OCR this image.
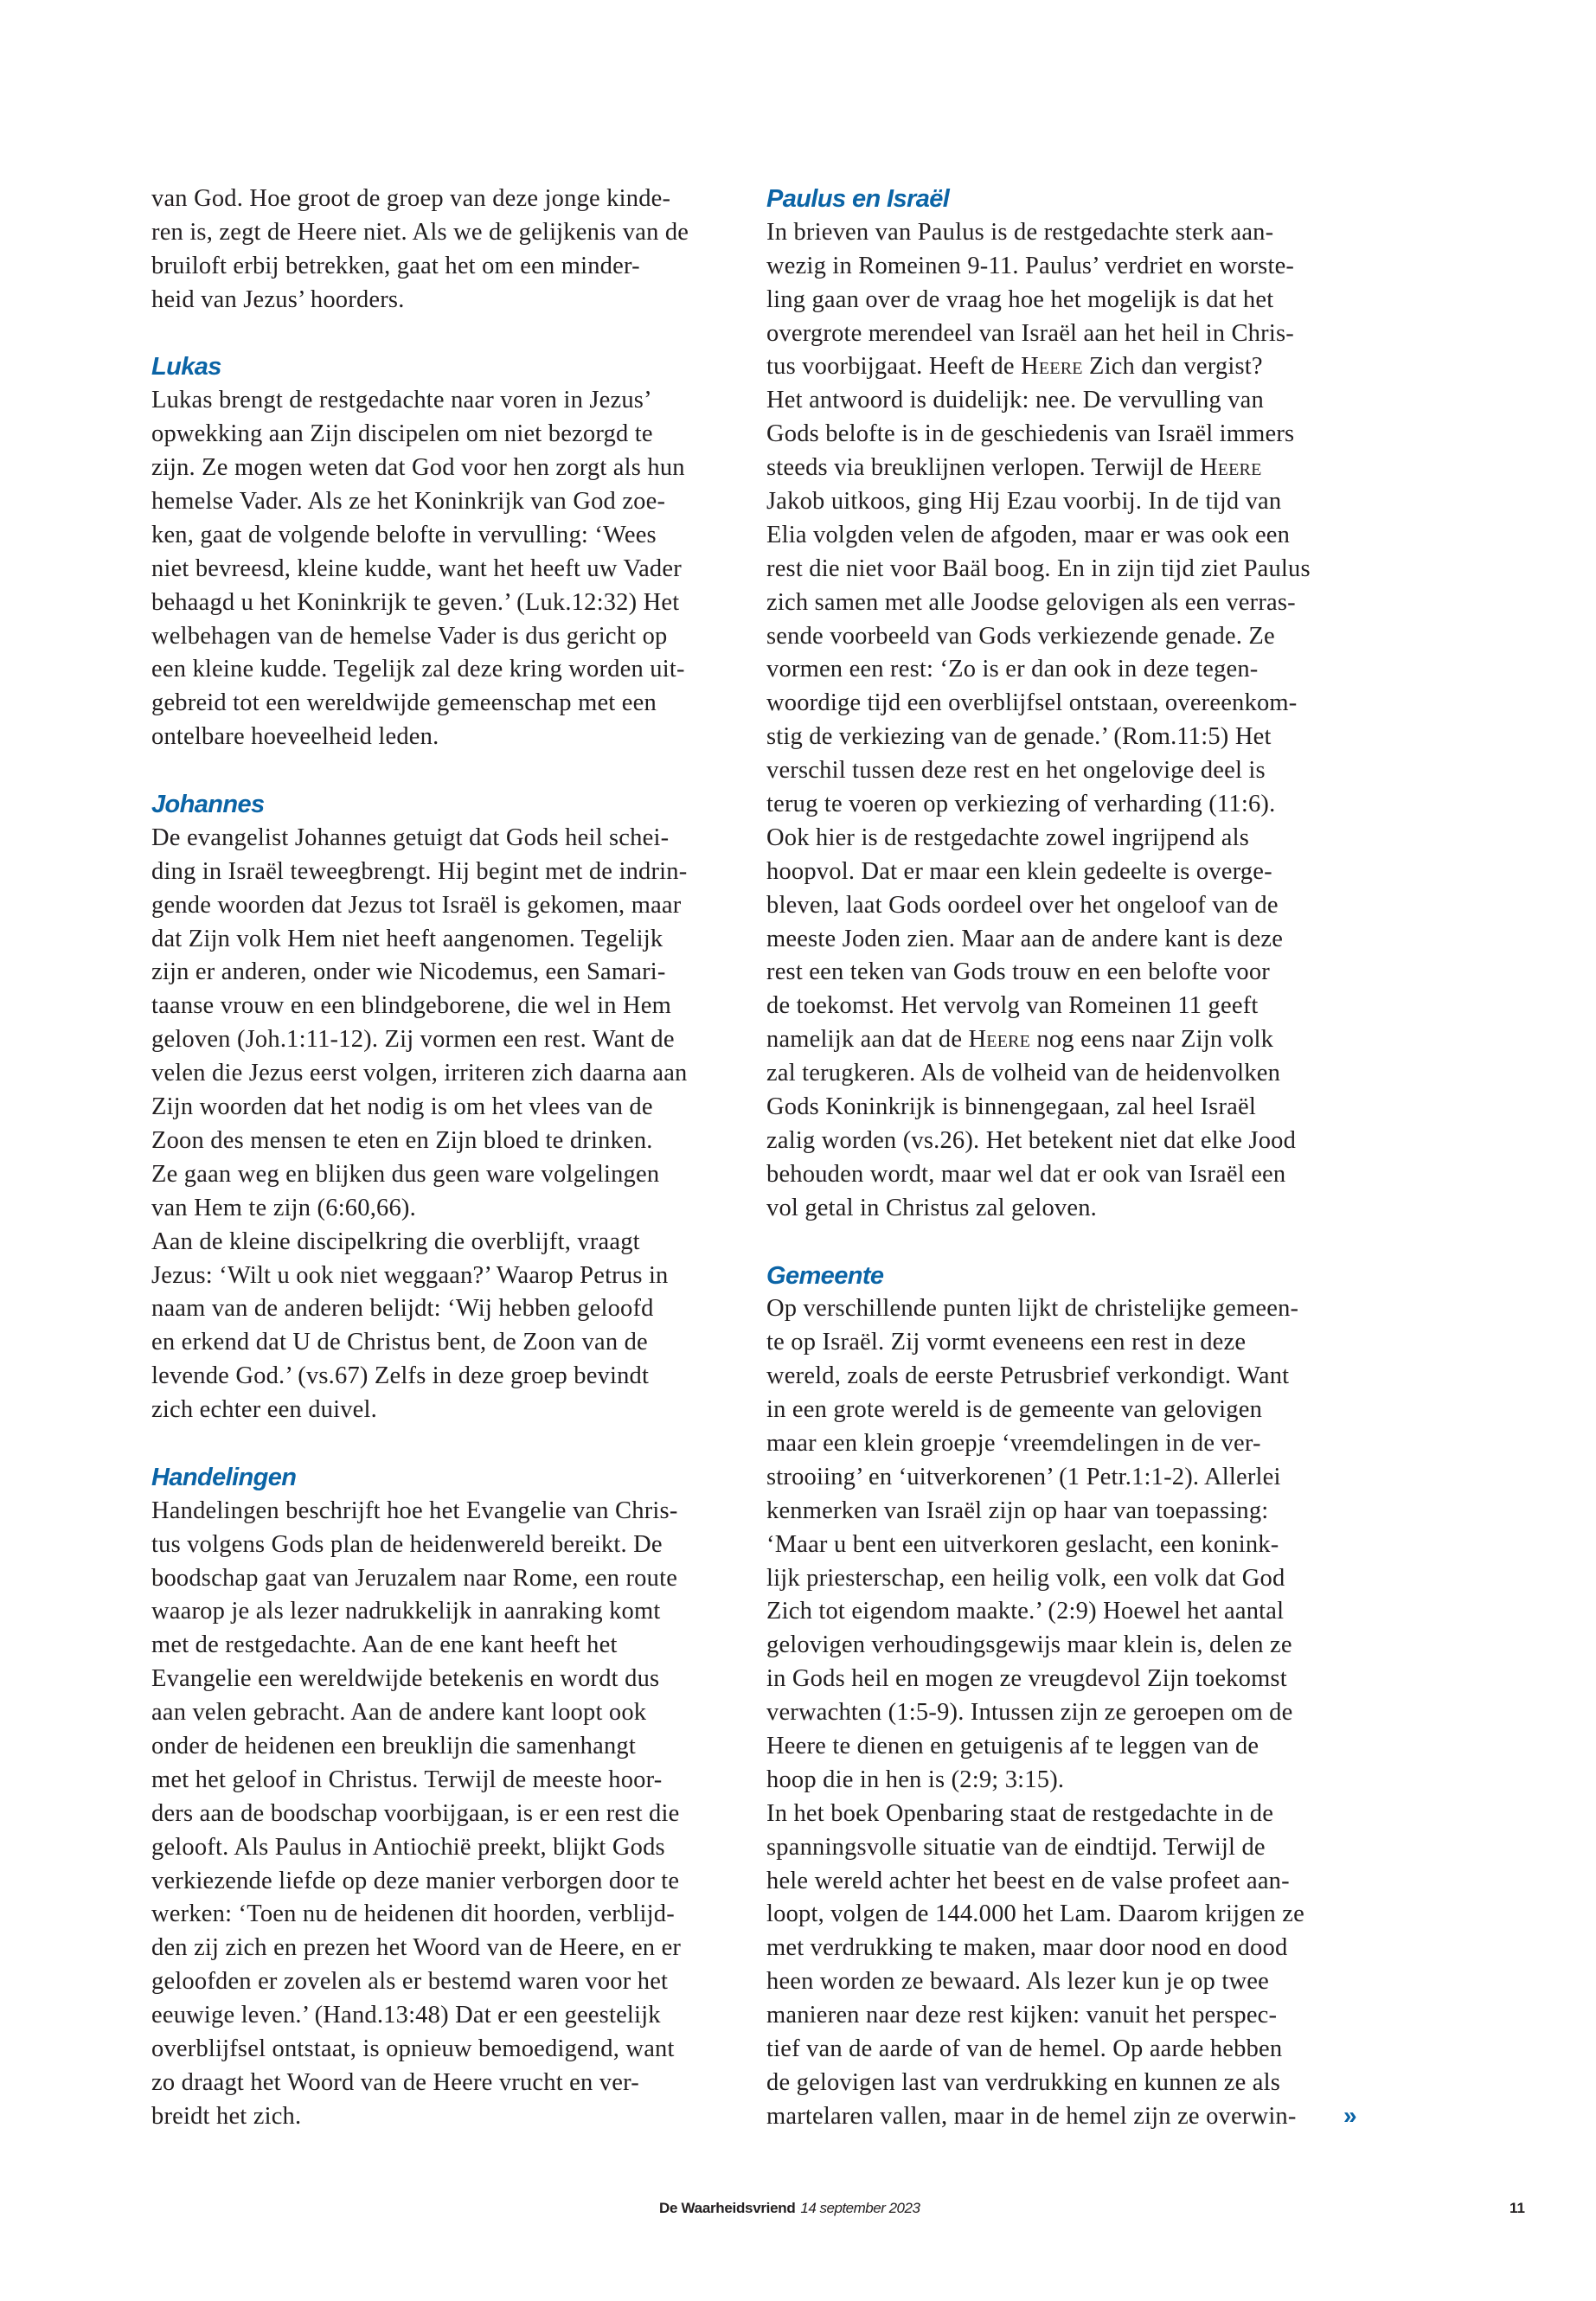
van God. Hoe groot de groep van deze jonge kinde-
ren is, zegt de Heere niet. Als we de gelijkenis van de
bruiloft erbij betrekken, gaat het om een minder-
heid van Jezus’ hoorders.
Lukas
Lukas brengt de restgedachte naar voren in Jezus’
opwekking aan Zijn discipelen om niet bezorgd te
zijn. Ze mogen weten dat God voor hen zorgt als hun
hemelse Vader. Als ze het Koninkrijk van God zoe-
ken, gaat de volgende belofte in vervulling: ‘Wees
niet bevreesd, kleine kudde, want het heeft uw Vader
behaagd u het Koninkrijk te geven.’ (Luk.12:32) Het
welbehagen van de hemelse Vader is dus gericht op
een kleine kudde. Tegelijk zal deze kring worden uit-
gebreid tot een wereldwijde gemeenschap met een
ontelbare hoeveelheid leden.
Johannes
De evangelist Johannes getuigt dat Gods heil schei-
ding in Israël teweegbrengt. Hij begint met de indrin-
gende woorden dat Jezus tot Israël is gekomen, maar
dat Zijn volk Hem niet heeft aangenomen. Tegelijk
zijn er anderen, onder wie Nicodemus, een Samari-
taanse vrouw en een blindgeborene, die wel in Hem
geloven (Joh.1:11-12). Zij vormen een rest. Want de
velen die Jezus eerst volgen, irriteren zich daarna aan
Zijn woorden dat het nodig is om het vlees van de
Zoon des mensen te eten en Zijn bloed te drinken.
Ze gaan weg en blijken dus geen ware volgelingen
van Hem te zijn (6:60,66).
Aan de kleine discipelkring die overblijft, vraagt
Jezus: ‘Wilt u ook niet weggaan?’ Waarop Petrus in
naam van de anderen belijdt: ‘Wij hebben geloofd
en erkend dat U de Christus bent, de Zoon van de
levende God.’ (vs.67) Zelfs in deze groep bevindt
zich echter een duivel.
Handelingen
Handelingen beschrijft hoe het Evangelie van Chris-
tus volgens Gods plan de heidenwereld bereikt. De
boodschap gaat van Jeruzalem naar Rome, een route
waarop je als lezer nadrukkelijk in aanraking komt
met de restgedachte. Aan de ene kant heeft het
Evangelie een wereldwijde betekenis en wordt dus
aan velen gebracht. Aan de andere kant loopt ook
onder de heidenen een breuklijn die samenhangt
met het geloof in Christus. Terwijl de meeste hoor-
ders aan de boodschap voorbijgaan, is er een rest die
gelooft. Als Paulus in Antiochië preekt, blijkt Gods
verkiezende liefde op deze manier verborgen door te
werken: ‘Toen nu de heidenen dit hoorden, verblijd-
den zij zich en prezen het Woord van de Heere, en er
geloofden er zovelen als er bestemd waren voor het
eeuwige leven.’ (Hand.13:48) Dat er een geestelijk
overblijfsel ontstaat, is opnieuw bemoedigend, want
zo draagt het Woord van de Heere vrucht en ver-
breidt het zich.
Paulus en Israël
In brieven van Paulus is de restgedachte sterk aan-
wezig in Romeinen 9-11. Paulus’ verdriet en worste-
ling gaan over de vraag hoe het mogelijk is dat het
overgrote merendeel van Israël aan het heil in Chris-
tus voorbijgaat. Heeft de Heere Zich dan vergist?
Het antwoord is duidelijk: nee. De vervulling van
Gods belofte is in de geschiedenis van Israël immers
steeds via breuklijnen verlopen. Terwijl de Heere
Jakob uitkoos, ging Hij Ezau voorbij. In de tijd van
Elia volgden velen de afgoden, maar er was ook een
rest die niet voor Baäl boog. En in zijn tijd ziet Paulus
zich samen met alle Joodse gelovigen als een verras-
sende voorbeeld van Gods verkiezende genade. Ze
vormen een rest: ‘Zo is er dan ook in deze tegen-
woordige tijd een overblijfsel ontstaan, overeenkom-
stig de verkiezing van de genade.’ (Rom.11:5) Het
verschil tussen deze rest en het ongelovige deel is
terug te voeren op verkiezing of verharding (11:6).
Ook hier is de restgedachte zowel ingrijpend als
hoopvol. Dat er maar een klein gedeelte is overge-
bleven, laat Gods oordeel over het ongeloof van de
meeste Joden zien. Maar aan de andere kant is deze
rest een teken van Gods trouw en een belofte voor
de toekomst. Het vervolg van Romeinen 11 geeft
namelijk aan dat de Heere nog eens naar Zijn volk
zal terugkeren. Als de volheid van de heidenvolken
Gods Koninkrijk is binnengegaan, zal heel Israël
zalig worden (vs.26). Het betekent niet dat elke Jood
behouden wordt, maar wel dat er ook van Israël een
vol getal in Christus zal geloven.
Gemeente
Op verschillende punten lijkt de christelijke gemeen-
te op Israël. Zij vormt eveneens een rest in deze
wereld, zoals de eerste Petrusbrief verkondigt. Want
in een grote wereld is de gemeente van gelovigen
maar een klein groepje ‘vreemdelingen in de ver-
strooiing’ en ‘uitverkorenen’ (1 Petr.1:1-2). Allerlei
kenmerken van Israël zijn op haar van toepassing:
‘Maar u bent een uitverkoren geslacht, een konink-
lijk priesterschap, een heilig volk, een volk dat God
Zich tot eigendom maakte.’ (2:9) Hoewel het aantal
gelovigen verhoudingsgewijs maar klein is, delen ze
in Gods heil en mogen ze vreugdevol Zijn toekomst
verwachten (1:5-9). Intussen zijn ze geroepen om de
Heere te dienen en getuigenis af te leggen van de
hoop die in hen is (2:9; 3:15).
In het boek Openbaring staat de restgedachte in de
spanningsvolle situatie van de eindtijd. Terwijl de
hele wereld achter het beest en de valse profeet aan-
loopt, volgen de 144.000 het Lam. Daarom krijgen ze
met verdrukking te maken, maar door nood en dood
heen worden ze bewaard. Als lezer kun je op twee
manieren naar deze rest kijken: vanuit het perspec-
tief van de aarde of van de hemel. Op aarde hebben
de gelovigen last van verdrukking en kunnen ze als
martelaren vallen, maar in de hemel zijn ze overwin-	»
De Waarheidsvriend 14 september 2023	11
